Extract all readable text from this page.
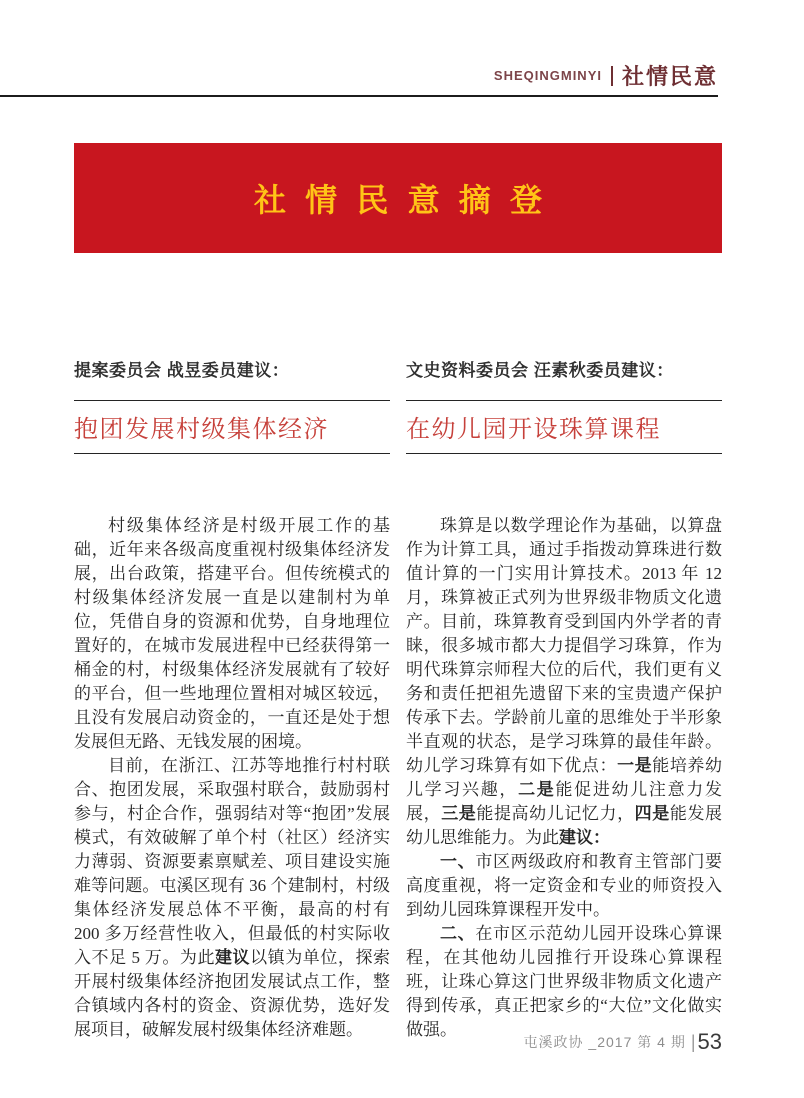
SHEQINGMINYI 社情民意
社情民意摘登

提案委员会 战昱委员建议：

抱团发展村级集体经济

村级集体经济是村级开展工作的基础，近年来各级高度重视村级集体经济发展，出台政策，搭建平台。但传统模式的村级集体经济发展一直是以建制村为单位，凭借自身的资源和优势，自身地理位置好的，在城市发展进程中已经获得第一桶金的村，村级集体经济发展就有了较好的平台，但一些地理位置相对城区较远，且没有发展启动资金的，一直还是处于想发展但无路、无钱发展的困境。

目前，在浙江、江苏等地推行村村联合、抱团发展，采取强村联合，鼓励弱村参与，村企合作，强弱结对等“抱团”发展模式，有效破解了单个村（社区）经济实力薄弱、资源要素禀赋差、项目建设实施难等问题。屯溪区现有 36 个建制村，村级集体经济发展总体不平衡，最高的村有 200 多万经营性收入，但最低的村实际收入不足 5 万。为此建议以镇为单位，探索开展村级集体经济抱团发展试点工作，整合镇域内各村的资金、资源优势，选好发展项目，破解发展村级集体经济难题。

文史资料委员会 汪素秋委员建议：

在幼儿园开设珠算课程

珠算是以数学理论作为基础，以算盘作为计算工具，通过手指拨动算珠进行数值计算的一门实用计算技术。2013 年 12 月，珠算被正式列为世界级非物质文化遗产。目前，珠算教育受到国内外学者的青睐，很多城市都大力提倡学习珠算，作为明代珠算宗师程大位的后代，我们更有义务和责任把祖先遗留下来的宝贵遗产保护传承下去。学龄前儿童的思维处于半形象半直观的状态，是学习珠算的最佳年龄。幼儿学习珠算有如下优点：一是能培养幼儿学习兴趣，二是能促进幼儿注意力发展，三是能提高幼儿记忆力，四是能发展幼儿思维能力。为此建议：

一、市区两级政府和教育主管部门要高度重视，将一定资金和专业的师资投入到幼儿园珠算课程开发中。

二、在市区示范幼儿园开设珠心算课程，在其他幼儿园推行开设珠心算课程班，让珠心算这门世界级非物质文化遗产得到传承，真正把家乡的“大位”文化做实做强。

屯溪政协 _2017 第 4 期 | 53
